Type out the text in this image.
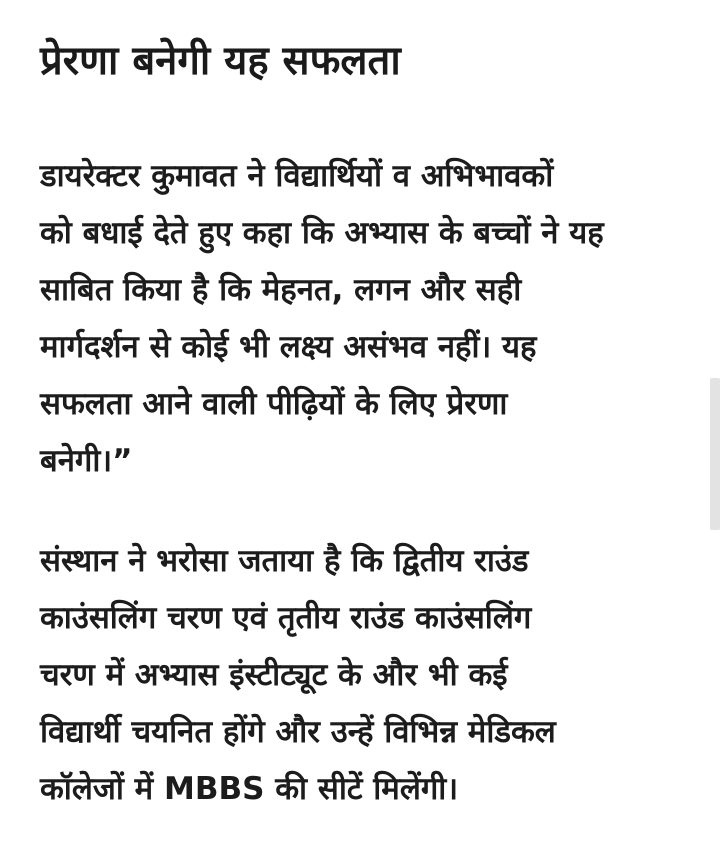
प्रेरणा बनेगी यह सफलता

डायरेक्टर कुमावत ने विद्यार्थियों व अभिभावकों
को बधाई देते हुए कहा कि अभ्यास के बच्चों ने यह
साबित किया है कि मेहनत, लगन और सही
मार्गदर्शन से कोई भी लक्ष्य असंभव नहीं। यह
सफलता आने वाली पीढ़ियों के लिए प्रेरणा
बनेगी।”

संस्थान ने भरोसा जताया है कि द्वितीय राउंड
काउंसलिंग चरण एवं तृतीय राउंड काउंसलिंग
चरण में अभ्यास इंस्टीट्यूट के और भी कई
विद्यार्थी चयनित होंगे और उन्हें विभिन्न मेडिकल
कॉलेजों में MBBS की सीटें मिलेंगी।
